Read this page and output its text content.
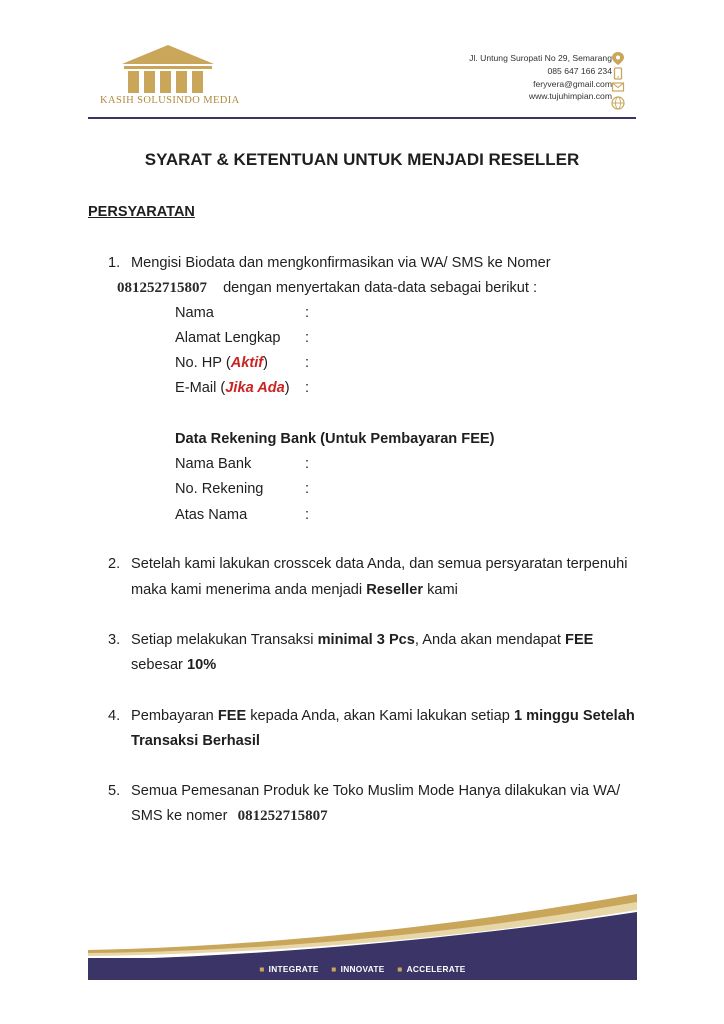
KASIH SOLUSINDO MEDIA
Jl. Untung Suropati No 29, Semarang
085 647 166 234
feryvera@gmail.com
www.tujuhimpian.com
SYARAT & KETENTUAN UNTUK MENJADI RESELLER
PERSYARATAN
1. Mengisi Biodata dan mengkonfirmasikan via WA/ SMS ke Nomer
081252715807 dengan menyertakan data-data sebagai berikut :
Nama	:
Alamat Lengkap :
No. HP (Aktif)	:
E-Mail (Jika Ada) :
Data Rekening Bank (Untuk Pembayaran FEE)
Nama Bank	:
No. Rekening	:
Atas Nama	:
2. Setelah kami lakukan crosscek data Anda, dan semua persyaratan terpenuhi
maka kami menerima anda menjadi Reseller kami
3. Setiap melakukan Transaksi minimal 3 Pcs, Anda akan mendapat FEE
sebesar 10%
4. Pembayaran FEE kepada Anda, akan Kami lakukan setiap 1 minggu Setelah
Transaksi Berhasil
5. Semua Pemesanan Produk ke Toko Muslim Mode Hanya dilakukan via WA/
SMS ke nomer 081252715807
■ INTEGRATE ■ INNOVATE ■ ACCELERATE
